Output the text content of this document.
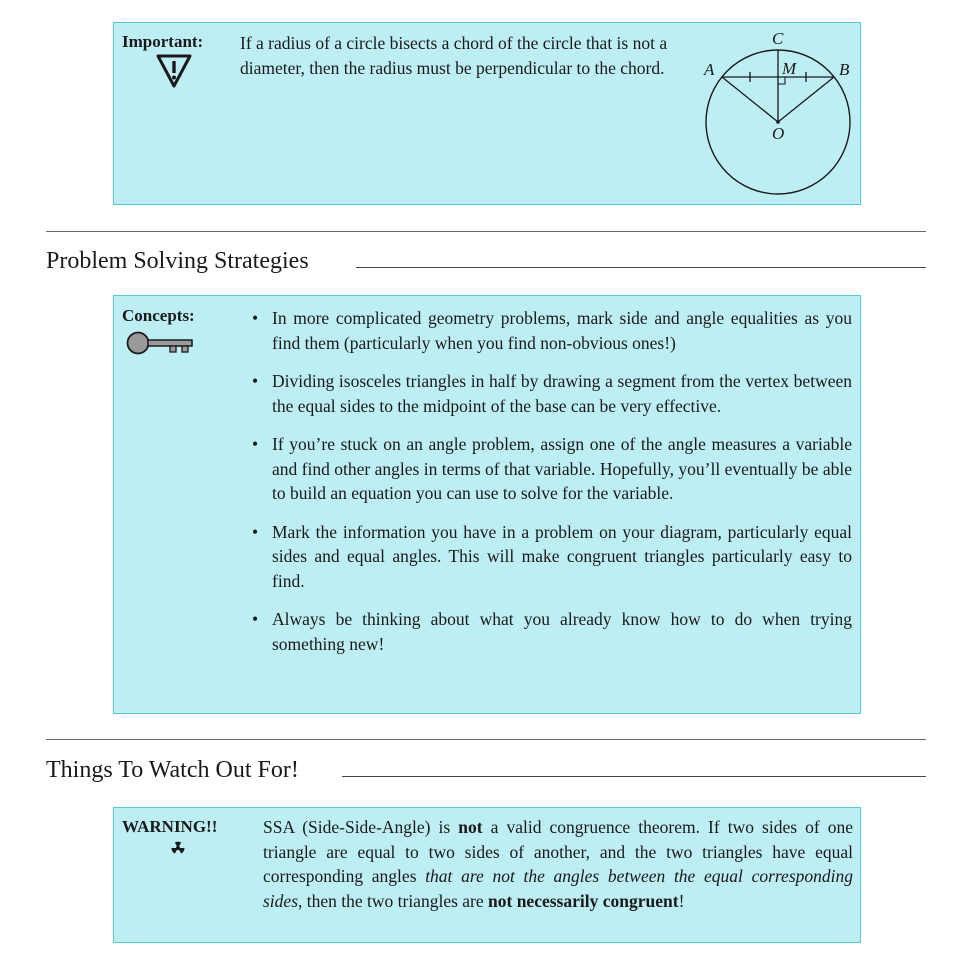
Important: If a radius of a circle bisects a chord of the circle that is not a diameter, then the radius must be perpendicular to the chord.
C
A	M	B
O
Problem Solving Strategies
Concepts:	• In more complicated geometry problems, mark side and angle equalities as you find them (particularly when you find non-obvious ones!)
• Dividing isosceles triangles in half by drawing a segment from the vertex between the equal sides to the midpoint of the base can be very effective.
• If you’re stuck on an angle problem, assign one of the angle measures a variable and find other angles in terms of that variable. Hopefully, you’ll eventually be able to build an equation you can use to solve for the variable.
• Mark the information you have in a problem on your diagram, particularly equal sides and equal angles. This will make congruent triangles particularly easy to find.
• Always be thinking about what you already know how to do when trying something new!
Things To Watch Out For!
WARNING!!	SSA (Side-Side-Angle) is not a valid congruence theorem. If two sides of one triangle are equal to two sides of another, and the two triangles have equal corresponding angles that are not the angles between the equal corresponding sides, then the two triangles are not necessarily congruent!
